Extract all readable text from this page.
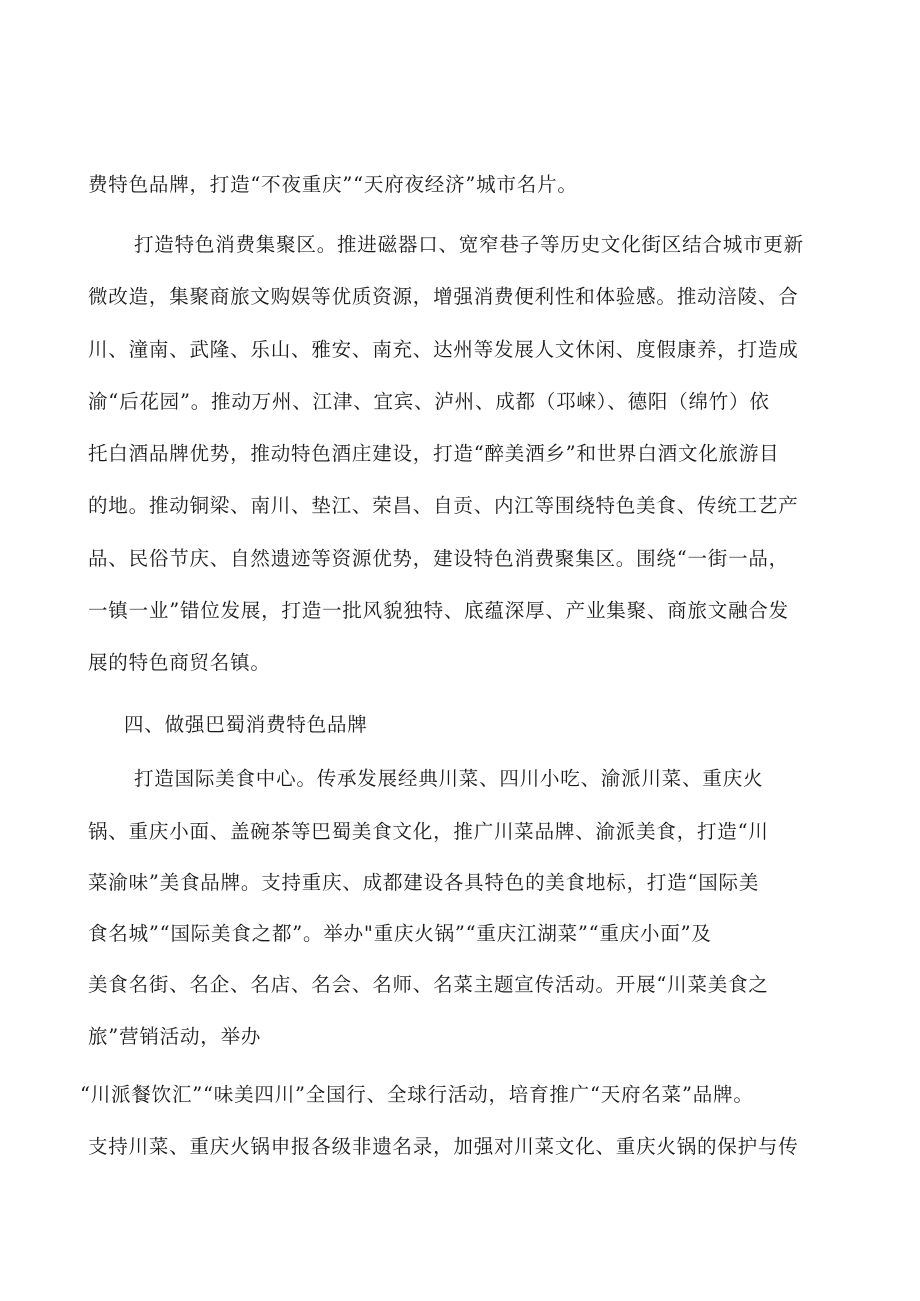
费特色品牌，打造“不夜重庆”“天府夜经济”城市名片。
打造特色消费集聚区。推进磁器口、宽窄巷子等历史文化街区结合城市更新
微改造，集聚商旅文购娱等优质资源，增强消费便利性和体验感。推动涪陵、合
川、潼南、武隆、乐山、雅安、南充、达州等发展人文休闲、度假康养，打造成
渝“后花园”。推动万州、江津、宜宾、泸州、成都（邛崃）、德阳（绵竹）依
托白酒品牌优势，推动特色酒庄建设，打造“醉美酒乡”和世界白酒文化旅游目
的地。推动铜梁、南川、垫江、荣昌、自贡、内江等围绕特色美食、传统工艺产
品、民俗节庆、自然遗迹等资源优势，建设特色消费聚集区。围绕“一街一品，
一镇一业”错位发展，打造一批风貌独特、底蕴深厚、产业集聚、商旅文融合发
展的特色商贸名镇。
四、做强巴蜀消费特色品牌
打造国际美食中心。传承发展经典川菜、四川小吃、渝派川菜、重庆火
锅、重庆小面、盖碗茶等巴蜀美食文化，推广川菜品牌、渝派美食，打造“川
菜渝味”美食品牌。支持重庆、成都建设各具特色的美食地标，打造“国际美
食名城”“国际美食之都”。举办"重庆火锅”“重庆江湖菜”“重庆小面”及
美食名街、名企、名店、名会、名师、名菜主题宣传活动。开展“川菜美食之
旅”营销活动，举办
“川派餐饮汇”“味美四川”全国行、全球行活动，培育推广“天府名菜”品牌。
支持川菜、重庆火锅申报各级非遗名录，加强对川菜文化、重庆火锅的保护与传
